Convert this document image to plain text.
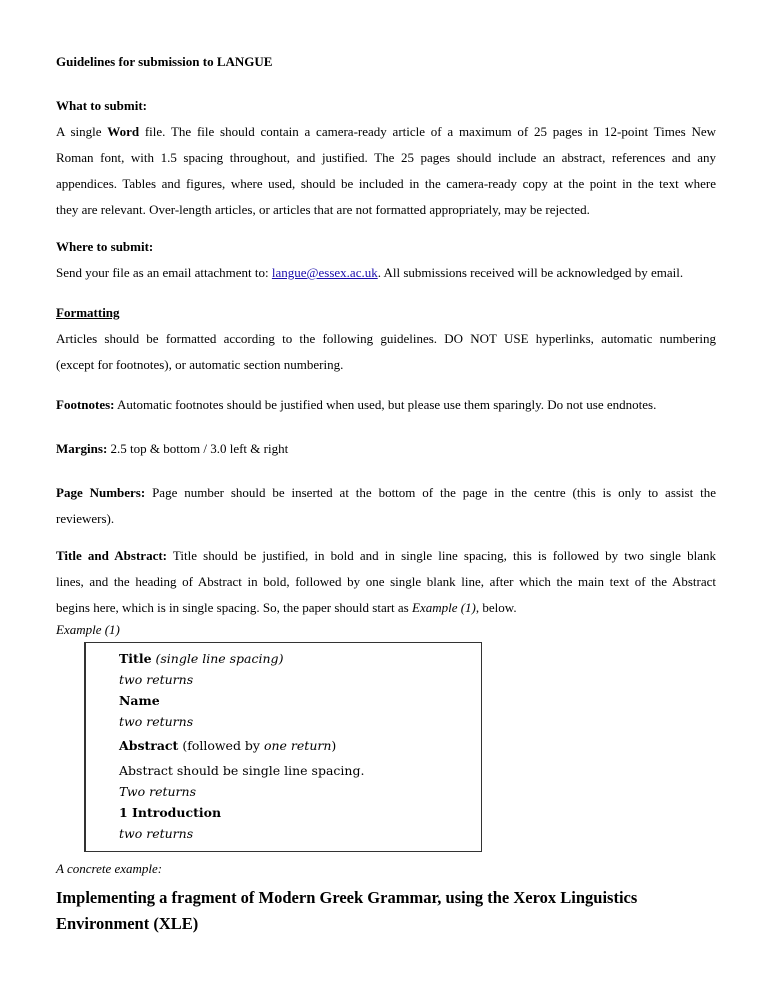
Guidelines for submission to LANGUE
What to submit:
A single Word file. The file should contain a camera-ready article of a maximum of 25 pages in 12-point Times New
Roman font, with 1.5 spacing throughout, and justified. The 25 pages should include an abstract, references and any
appendices. Tables and figures, where used, should be included in the camera-ready copy at the point in the text where
they are relevant. Over-length articles, or articles that are not formatted appropriately, may be rejected.
Where to submit:
Send your file as an email attachment to: langue@essex.ac.uk. All submissions received will be acknowledged by email.
Formatting
Articles should be formatted according to the following guidelines. DO NOT USE hyperlinks, automatic numbering
(except for footnotes), or automatic section numbering.
Footnotes: Automatic footnotes should be justified when used, but please use them sparingly. Do not use endnotes.
Margins: 2.5 top & bottom / 3.0 left & right
Page Numbers: Page number should be inserted at the bottom of the page in the centre (this is only to assist the
reviewers).
Title and Abstract: Title should be justified, in bold and in single line spacing, this is followed by two single blank
lines, and the heading of Abstract in bold, followed by one single blank line, after which the main text of the Abstract
begins here, which is in single spacing. So, the paper should start as Example (1), below.
Example (1)
Title (single line spacing)
two returns
Name
two returns
Abstract (followed by one return)
Abstract should be single line spacing.
Two returns
1 Introduction
two returns
A concrete example:
Implementing a fragment of Modern Greek Grammar, using the Xerox Linguistics
Environment (XLE)
